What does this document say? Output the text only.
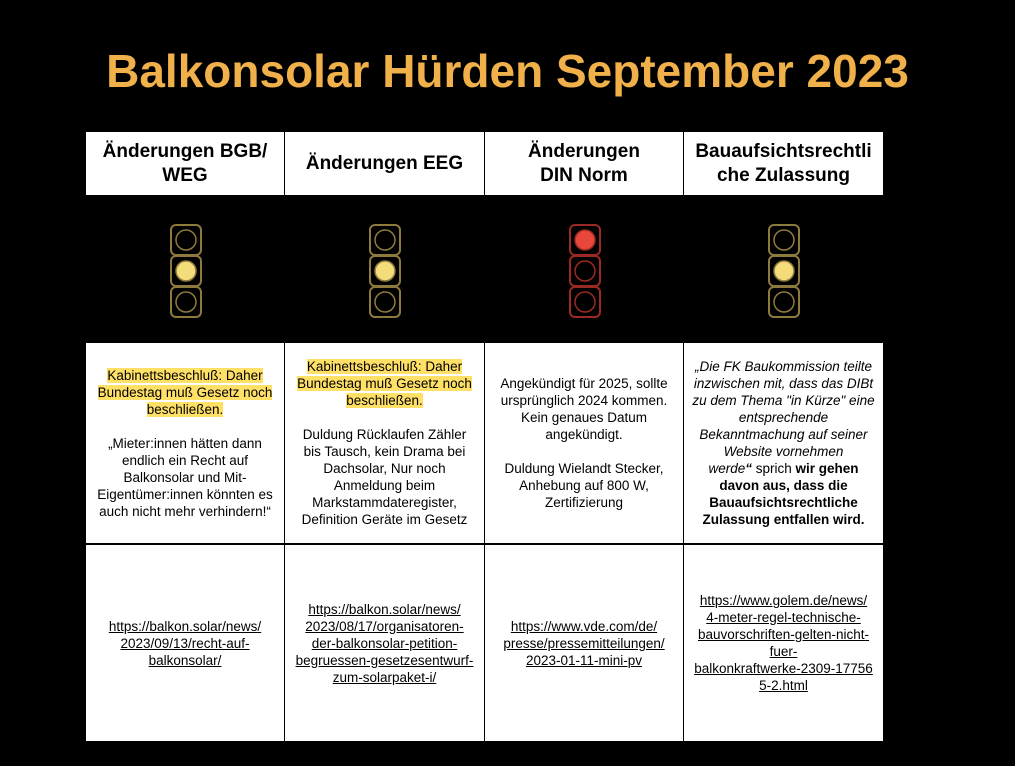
Balkonsolar Hürden September 2023
Änderungen BGB/
WEG
Änderungen EEG
Änderungen
DIN Norm
Bauaufsichtsrechtli
che Zulassung
Kabinettsbeschluß: Daher
Bundestag muß Gesetz noch
beschließen.
„Mieter:innen hätten dann
endlich ein Recht auf
Balkonsolar und Mit-
Eigentümer:innen könnten es
auch nicht mehr verhindern!“
Kabinettsbeschluß: Daher
Bundestag muß Gesetz noch
beschließen.
Duldung Rücklaufen Zähler
bis Tausch, kein Drama bei
Dachsolar, Nur noch
Anmeldung beim
Markstammdateregister,
Definition Geräte im Gesetz
Angekündigt für 2025, sollte
ursprünglich 2024 kommen.
Kein genaues Datum
angekündigt.
Duldung Wielandt Stecker,
Anhebung auf 800 W,
Zertifizierung
„Die FK Baukommission teilte
inzwischen mit, dass das DIBt
zu dem Thema "in Kürze" eine
entsprechende
Bekanntmachung auf seiner
Website vornehmen
werde“ sprich wir gehen
davon aus, dass die
Bauaufsichtsrechtliche
Zulassung entfallen wird.
https://balkon.solar/news/
2023/09/13/recht-auf-
balkonsolar/
https://balkon.solar/news/
2023/08/17/organisatoren-
der-balkonsolar-petition-
begruessen-gesetzesentwurf-
zum-solarpaket-i/
https://www.vde.com/de/
presse/pressemitteilungen/
2023-01-11-mini-pv
https://www.golem.de/news/
4-meter-regel-technische-
bauvorschriften-gelten-nicht-
fuer-
balkonkraftwerke-2309-17756
5-2.html
